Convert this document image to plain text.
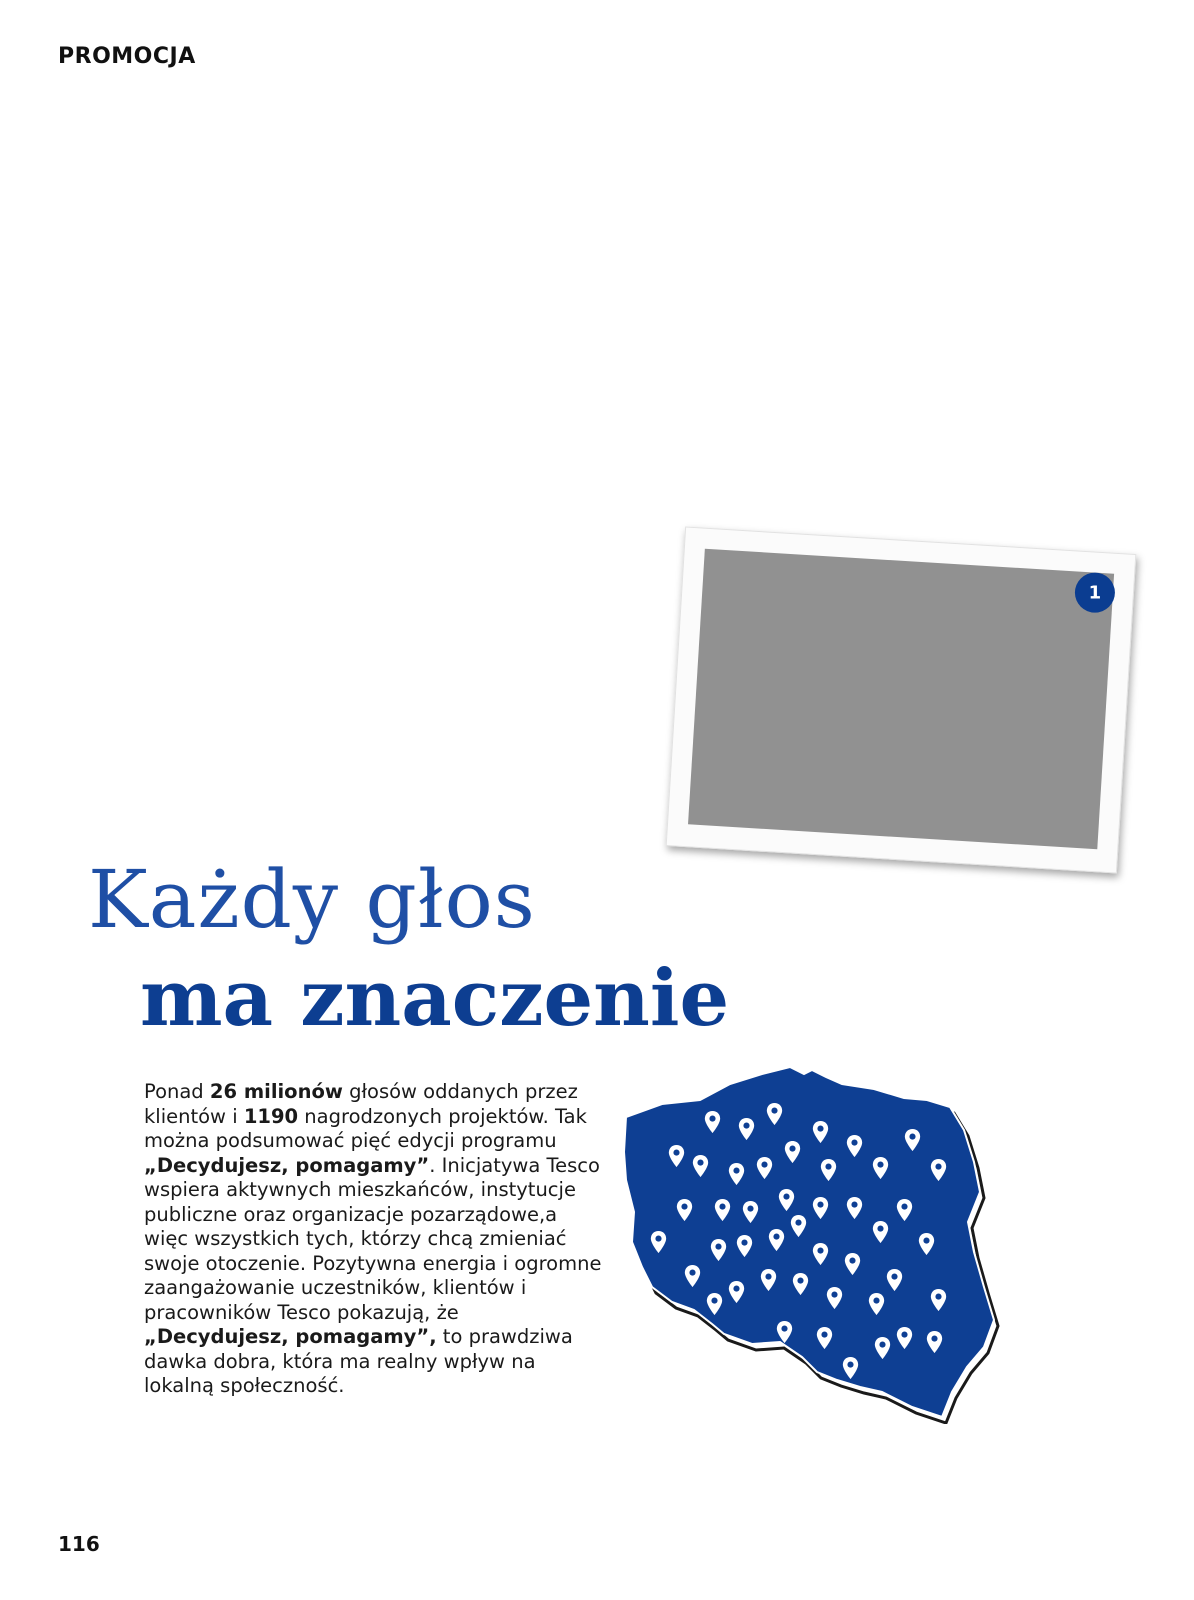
PROMOCJA
1
Każdy głos
ma znaczenie

Ponad 26 milionów głosów oddanych przez klientów i 1190 nagrodzonych projektów. Tak można podsumować pięć edycji programu „Decydujesz, pomagamy”. Inicjatywa Tesco wspiera aktywnych mieszkańców, instytucje publiczne oraz organizacje pozarządowe,a więc wszystkich tych, którzy chcą zmieniać swoje otoczenie. Pozytywna energia i ogromne zaangażowanie uczestników, klientów i pracowników Tesco pokazują, że „Decydujesz, pomagamy”, to prawdziwa dawka dobra, która ma realny wpływ na lokalną społeczność.

116
